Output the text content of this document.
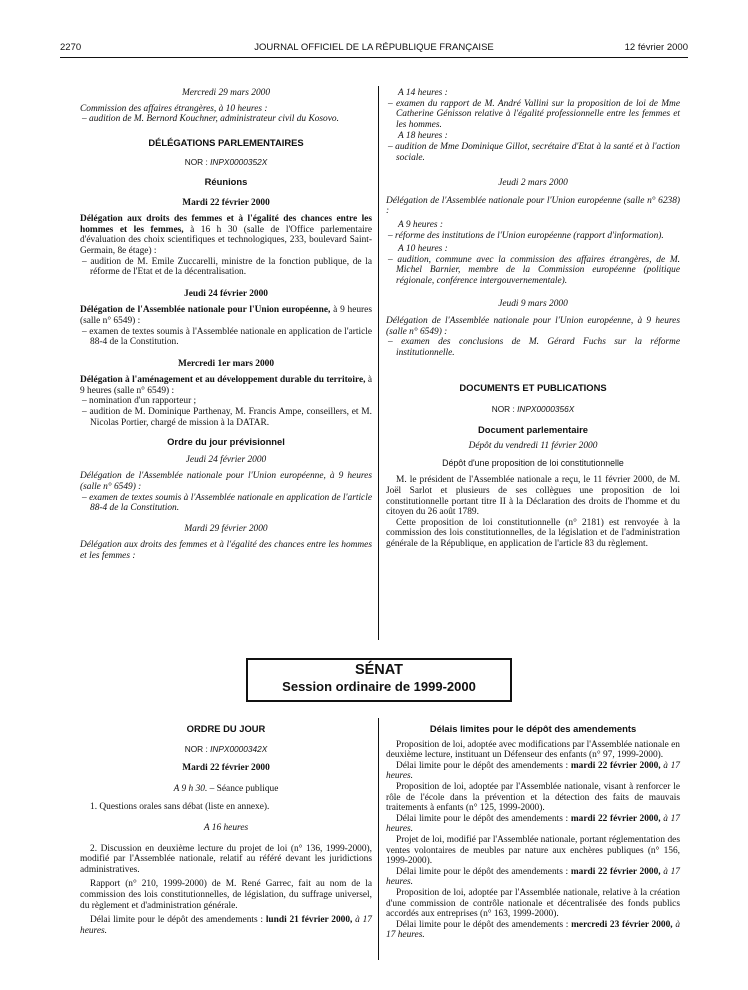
2270	JOURNAL OFFICIEL DE LA RÉPUBLIQUE FRANÇAISE	12 février 2000

Mercredi 29 mars 2000

Commission des affaires étrangères, à 10 heures :

– audition de M. Bernord Kouchner, administrateur civil du Kosovo.

DÉLÉGATIONS PARLEMENTAIRES

NOR : INPX0000352X

Réunions

Mardi 22 février 2000

Délégation aux droits des femmes et à l'égalité des chances entre les hommes et les femmes, à 16 h 30 (salle de l'Office parlementaire d'évaluation des choix scientifiques et technologiques, 233, boulevard Saint-Germain, 8e étage) :

– audition de M. Emile Zuccarelli, ministre de la fonction publique, de la réforme de l'Etat et de la décentralisation.

Jeudi 24 février 2000

Délégation de l'Assemblée nationale pour l'Union européenne, à 9 heures (salle n° 6549) :

– examen de textes soumis à l'Assemblée nationale en application de l'article 88-4 de la Constitution.

Mercredi 1er mars 2000

Délégation à l'aménagement et au développement durable du territoire, à 9 heures (salle n° 6549) :

– nomination d'un rapporteur ;

– audition de M. Dominique Parthenay, M. Francis Ampe, conseillers, et M. Nicolas Portier, chargé de mission à la DATAR.

Ordre du jour prévisionnel

Jeudi 24 février 2000

Délégation de l'Assemblée nationale pour l'Union européenne, à 9 heures (salle n° 6549) :

– examen de textes soumis à l'Assemblée nationale en application de l'article 88-4 de la Constitution.

Mardi 29 février 2000

Délégation aux droits des femmes et à l'égalité des chances entre les hommes et les femmes :

A 14 heures :

– examen du rapport de M. André Vallini sur la proposition de loi de Mme Catherine Génisson relative à l'égalité professionnelle entre les femmes et les hommes.

A 18 heures :

– audition de Mme Dominique Gillot, secrétaire d'Etat à la santé et à l'action sociale.

Jeudi 2 mars 2000

Délégation de l'Assemblée nationale pour l'Union européenne (salle n° 6238) :

A 9 heures :

– réforme des institutions de l'Union européenne (rapport d'information).

A 10 heures :

– audition, commune avec la commission des affaires étrangères, de M. Michel Barnier, membre de la Commission européenne (politique régionale, conférence intergouvernementale).

Jeudi 9 mars 2000

Délégation de l'Assemblée nationale pour l'Union européenne, à 9 heures (salle n° 6549) :

– examen des conclusions de M. Gérard Fuchs sur la réforme institutionnelle.

DOCUMENTS ET PUBLICATIONS

NOR : INPX0000356X

Document parlementaire

Dépôt du vendredi 11 février 2000

Dépôt d'une proposition de loi constitutionnelle

M. le président de l'Assemblée nationale a reçu, le 11 février 2000, de M. Joël Sarlot et plusieurs de ses collègues une proposition de loi constitutionnelle portant titre II à la Déclaration des droits de l'homme et du citoyen du 26 août 1789.

Cette proposition de loi constitutionnelle (n° 2181) est renvoyée à la commission des lois constitutionnelles, de la législation et de l'administration générale de la République, en application de l'article 83 du règlement.

SÉNAT
Session ordinaire de 1999-2000

ORDRE DU JOUR

NOR : INPX0000342X

Mardi 22 février 2000

A 9 h 30. – Séance publique

1. Questions orales sans débat (liste en annexe).

A 16 heures

2. Discussion en deuxième lecture du projet de loi (n° 136, 1999-2000), modifié par l'Assemblée nationale, relatif au référé devant les juridictions administratives.

Rapport (n° 210, 1999-2000) de M. René Garrec, fait au nom de la commission des lois constitutionnelles, de législation, du suffrage universel, du règlement et d'administration générale.

Délai limite pour le dépôt des amendements : lundi 21 février 2000, à 17 heures.

Délais limites pour le dépôt des amendements

Proposition de loi, adoptée avec modifications par l'Assemblée nationale en deuxième lecture, instituant un Défenseur des enfants (n° 97, 1999-2000).

Délai limite pour le dépôt des amendements : mardi 22 février 2000, à 17 heures.

Proposition de loi, adoptée par l'Assemblée nationale, visant à renforcer le rôle de l'école dans la prévention et la détection des faits de mauvais traitements à enfants (n° 125, 1999-2000).

Délai limite pour le dépôt des amendements : mardi 22 février 2000, à 17 heures.

Projet de loi, modifié par l'Assemblée nationale, portant réglementation des ventes volontaires de meubles par nature aux enchères publiques (n° 156, 1999-2000).

Délai limite pour le dépôt des amendements : mardi 22 février 2000, à 17 heures.

Proposition de loi, adoptée par l'Assemblée nationale, relative à la création d'une commission de contrôle nationale et décentralisée des fonds publics accordés aux entreprises (n° 163, 1999-2000).

Délai limite pour le dépôt des amendements : mercredi 23 février 2000, à 17 heures.
